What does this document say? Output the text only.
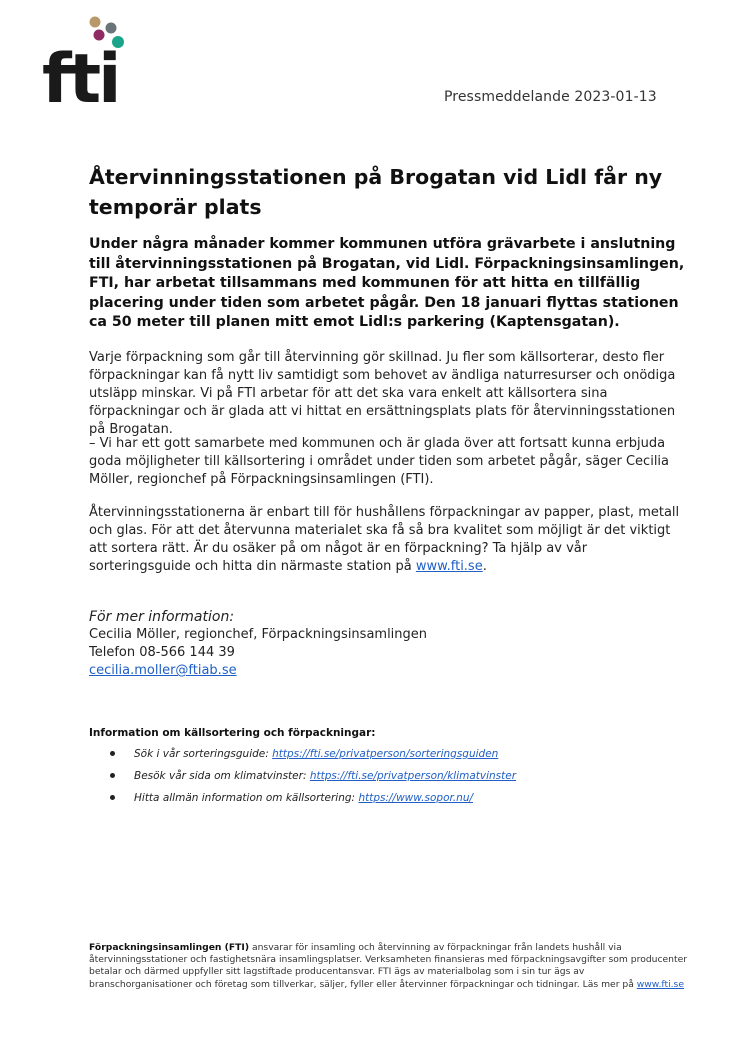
fti	Pressmeddelande 2023-01-13
Återvinningsstationen på Brogatan vid Lidl får ny temporär plats

Under några månader kommer kommunen utföra grävarbete i anslutning till återvinningsstationen på Brogatan, vid Lidl. Förpackningsinsamlingen, FTI, har arbetat tillsammans med kommunen för att hitta en tillfällig placering under tiden som arbetet pågår. Den 18 januari flyttas stationen ca 50 meter till planen mitt emot Lidl:s parkering (Kaptensgatan).

Varje förpackning som går till återvinning gör skillnad. Ju fler som källsorterar, desto fler förpackningar kan få nytt liv samtidigt som behovet av ändliga naturresurser och onödiga utsläpp minskar. Vi på FTI arbetar för att det ska vara enkelt att källsortera sina förpackningar och är glada att vi hittat en ersättningsplats plats för återvinningsstationen på Brogatan.

– Vi har ett gott samarbete med kommunen och är glada över att fortsatt kunna erbjuda goda möjligheter till källsortering i området under tiden som arbetet pågår, säger Cecilia Möller, regionchef på Förpackningsinsamlingen (FTI).

Återvinningsstationerna är enbart till för hushållens förpackningar av papper, plast, metall och glas. För att det återvunna materialet ska få så bra kvalitet som möjligt är det viktigt att sortera rätt. Är du osäker på om något är en förpackning? Ta hjälp av vår sorteringsguide och hitta din närmaste station på www.fti.se.

För mer information:
Cecilia Möller, regionchef, Förpackningsinsamlingen
Telefon 08-566 144 39
cecilia.moller@ftiab.se
Information om källsortering och förpackningar:
Sök i vår sorteringsguide: https://fti.se/privatperson/sorteringsguiden
Besök vår sida om klimatvinster: https://fti.se/privatperson/klimatvinster
Hitta allmän information om källsortering: https://www.sopor.nu/
Förpackningsinsamlingen (FTI) ansvarar för insamling och återvinning av förpackningar från landets hushåll via återvinningsstationer och fastighetsnära insamlingsplatser. Verksamheten finansieras med förpackningsavgifter som producenter betalar och därmed uppfyller sitt lagstiftade producentansvar. FTI ägs av materialbolag som i sin tur ägs av branschorganisationer och företag som tillverkar, säljer, fyller eller återvinner förpackningar och tidningar. Läs mer på www.fti.se
